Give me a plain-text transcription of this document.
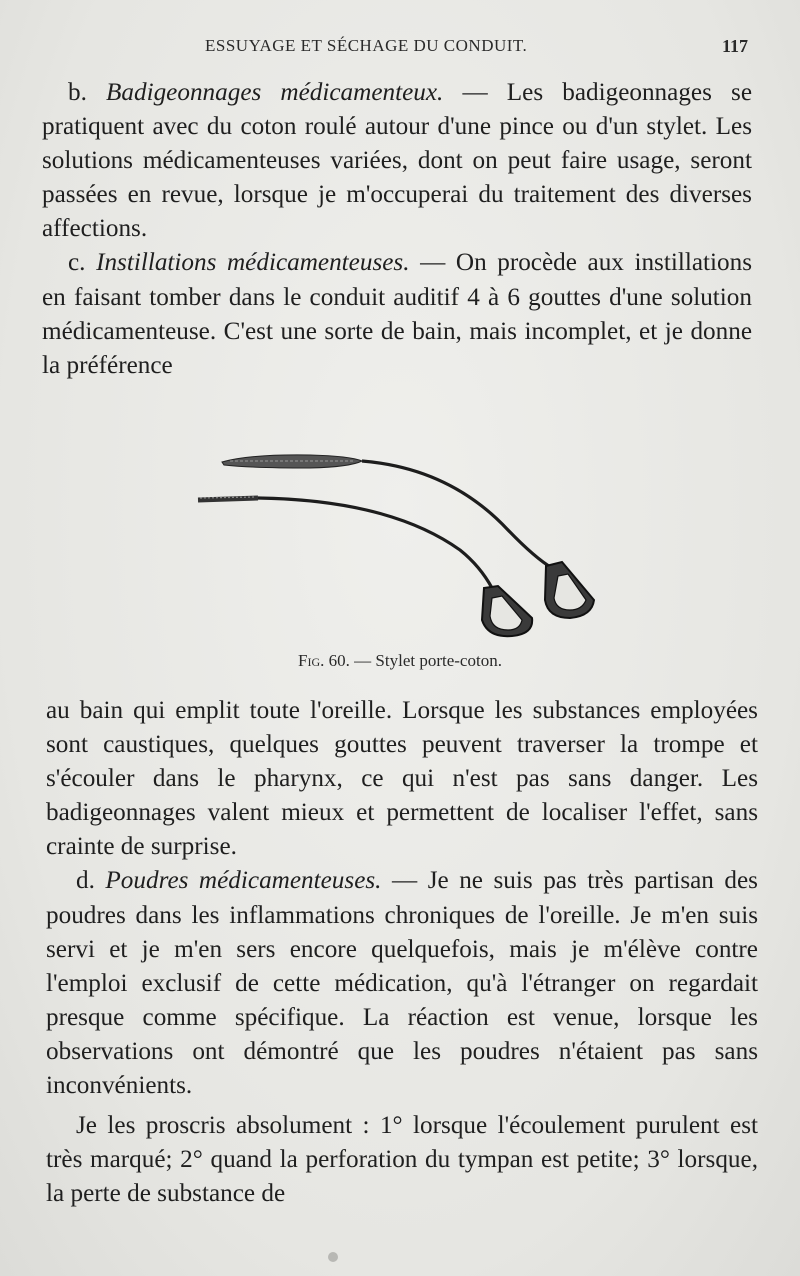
ESSUYAGE ET SÉCHAGE DU CONDUIT.	117

b. Badigeonnages médicamenteux. — Les badigeonnages se pratiquent avec du coton roulé autour d'une pince ou d'un stylet. Les solutions médicamenteuses variées, dont on peut faire usage, seront passées en revue, lorsque je m'occuperai du traitement des diverses affections.

c. Instillations médicamenteuses. — On procède aux instillations en faisant tomber dans le conduit auditif 4 à 6 gouttes d'une solution médicamenteuse. C'est une sorte de bain, mais incomplet, et je donne la préférence

Fig. 60. — Stylet porte-coton.

au bain qui emplit toute l'oreille. Lorsque les substances employées sont caustiques, quelques gouttes peuvent traverser la trompe et s'écouler dans le pharynx, ce qui n'est pas sans danger. Les badigeonnages valent mieux et permettent de localiser l'effet, sans crainte de surprise.

d. Poudres médicamenteuses. — Je ne suis pas très partisan des poudres dans les inflammations chroniques de l'oreille. Je m'en suis servi et je m'en sers encore quelquefois, mais je m'élève contre l'emploi exclusif de cette médication, qu'à l'étranger on regardait presque comme spécifique. La réaction est venue, lorsque les observations ont démontré que les poudres n'étaient pas sans inconvénients.

Je les proscris absolument : 1° lorsque l'écoulement purulent est très marqué; 2° quand la perforation du tympan est petite; 3° lorsque, la perte de substance de
